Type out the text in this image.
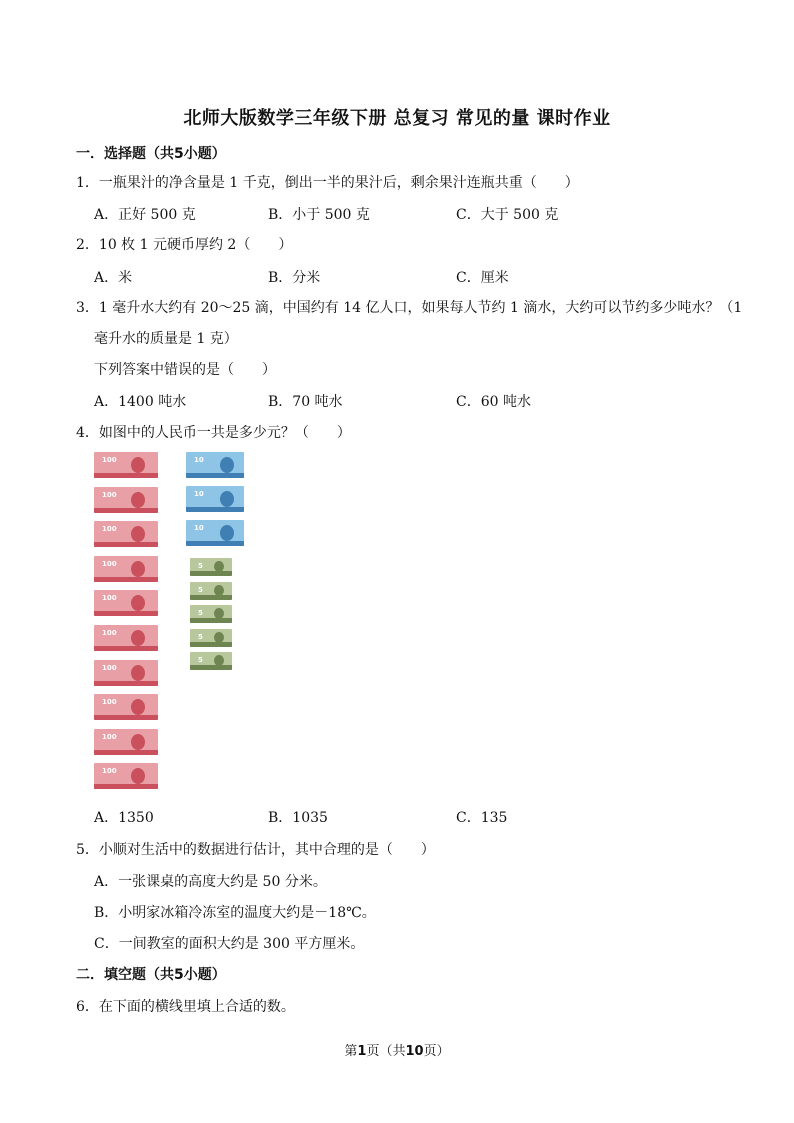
北师大版数学三年级下册 总复习 常见的量 课时作业
一．选择题（共5小题）
1．一瓶果汁的净含量是 1 千克，倒出一半的果汁后，剩余果汁连瓶共重（　　）
A．正好 500 克	B．小于 500 克	C．大于 500 克
2．10 枚 1 元硬币厚约 2（　　）
A．米	B．分米	C．厘米
3．1 毫升水大约有 20～25 滴，中国约有 14 亿人口，如果每人节约 1 滴水，大约可以节约多少吨水？（1
毫升水的质量是 1 克）
下列答案中错误的是（　　）
A．1400 吨水	B．70 吨水	C．60 吨水
4．如图中的人民币一共是多少元？（　　）
100
100
100
100
100
100
100
100
100
100
10
10
10
5
5
5
5
5
A．1350	B．1035	C．135
5．小顺对生活中的数据进行估计，其中合理的是（　　）
A．一张课桌的高度大约是 50 分米。
B．小明家冰箱冷冻室的温度大约是－18℃。
C．一间教室的面积大约是 300 平方厘米。
二．填空题（共5小题）
6．在下面的横线里填上合适的数。
第1页（共10页）
